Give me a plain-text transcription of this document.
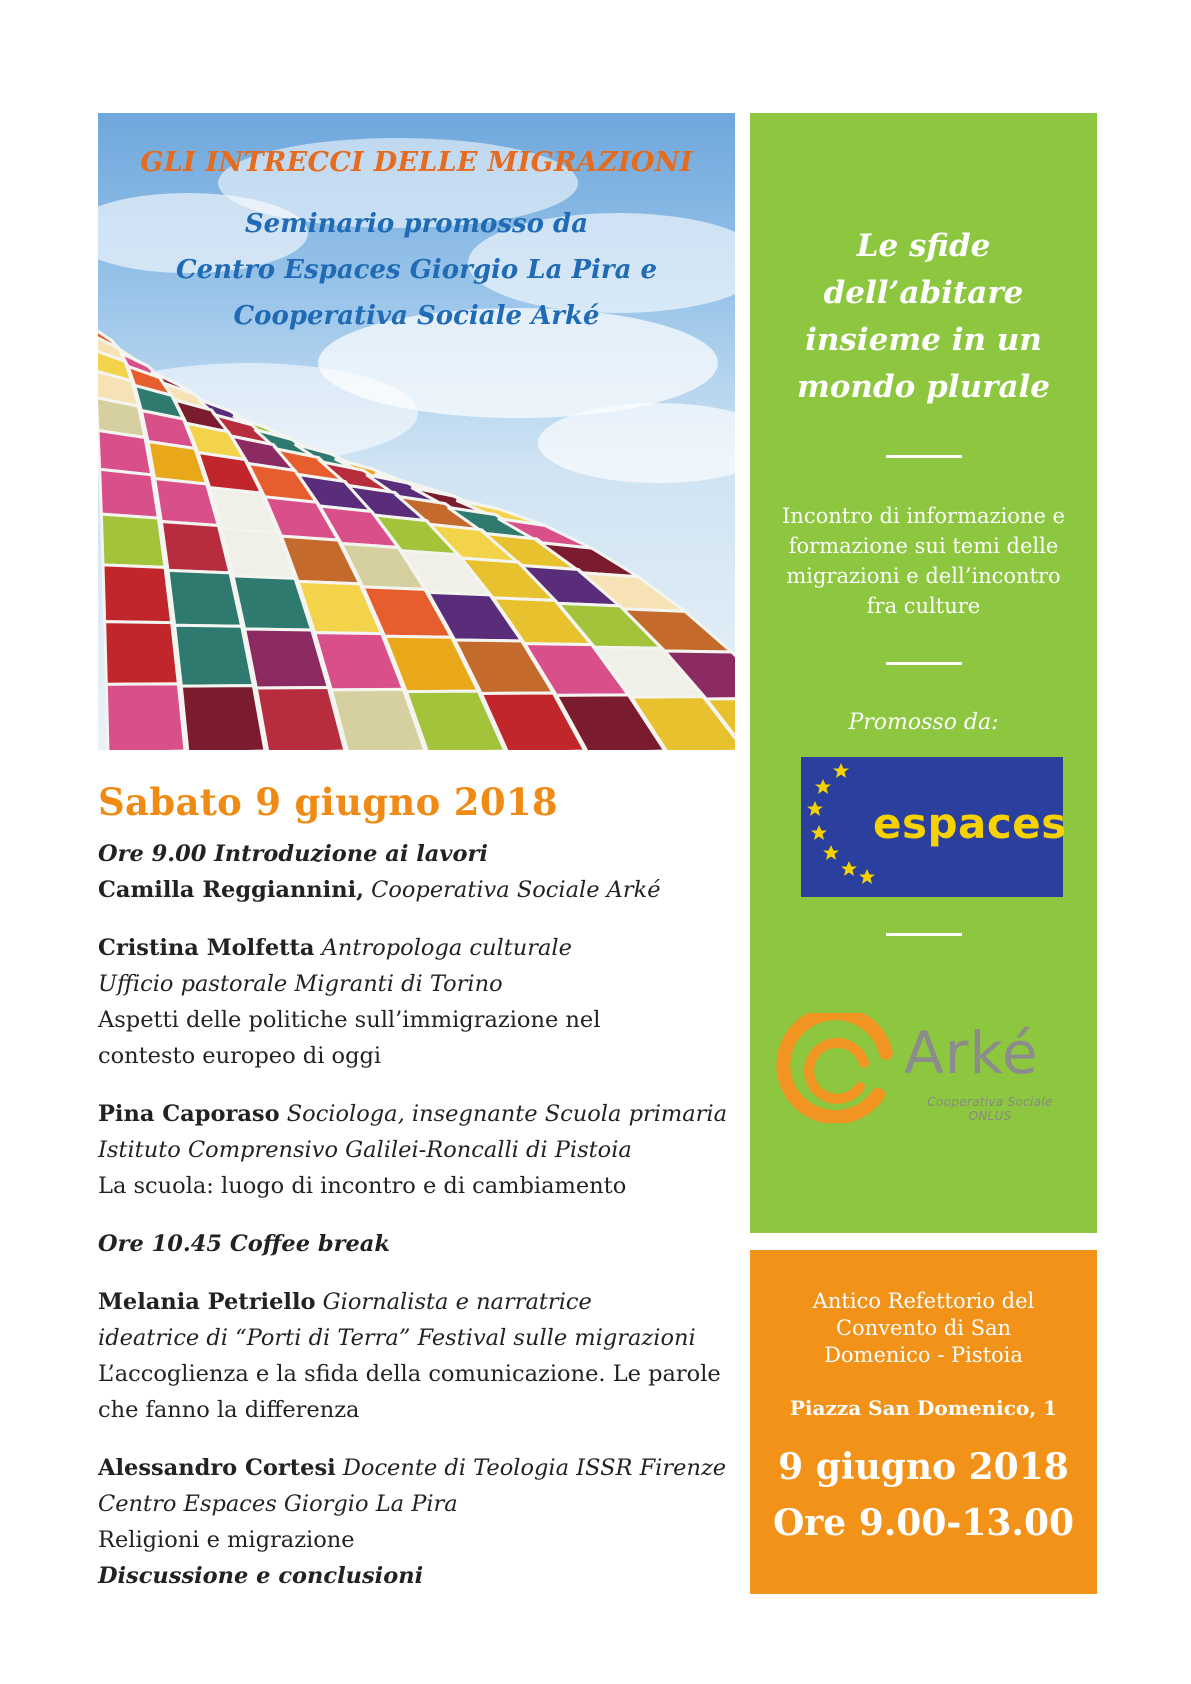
GLI INTRECCI DELLE MIGRAZIONI
Seminario promosso da
Centro Espaces Giorgio La Pira e
Cooperativa Sociale Arké
Sabato 9 giugno 2018
Ore 9.00 Introduzione ai lavori
Camilla Reggiannini, Cooperativa Sociale Arké
Cristina Molfetta Antropologa culturale
Ufficio pastorale Migranti di Torino
Aspetti delle politiche sull’immigrazione nel contesto europeo di oggi
Pina Caporaso Sociologa, insegnante Scuola primaria
Istituto Comprensivo Galilei-Roncalli di Pistoia
La scuola: luogo di incontro e di cambiamento
Ore 10.45 Coffee break
Melania Petriello Giornalista e narratrice
ideatrice di “Porti di Terra” Festival sulle migrazioni
L’accoglienza e la sfida della comunicazione. Le parole che fanno la differenza
Alessandro Cortesi Docente di Teologia ISSR Firenze
Centro Espaces Giorgio La Pira
Religioni e migrazione
Discussione e conclusioni
Le sfide
dell’abitare
insieme in un
mondo plurale
Incontro di informazione e formazione sui temi delle migrazioni e dell’incontro fra culture
Promosso da:
espaces
Arké
Cooperativa Sociale ONLUS
Antico Refettorio del Convento di San Domenico - Pistoia
Piazza San Domenico, 1
9 giugno 2018
Ore 9.00-13.00
